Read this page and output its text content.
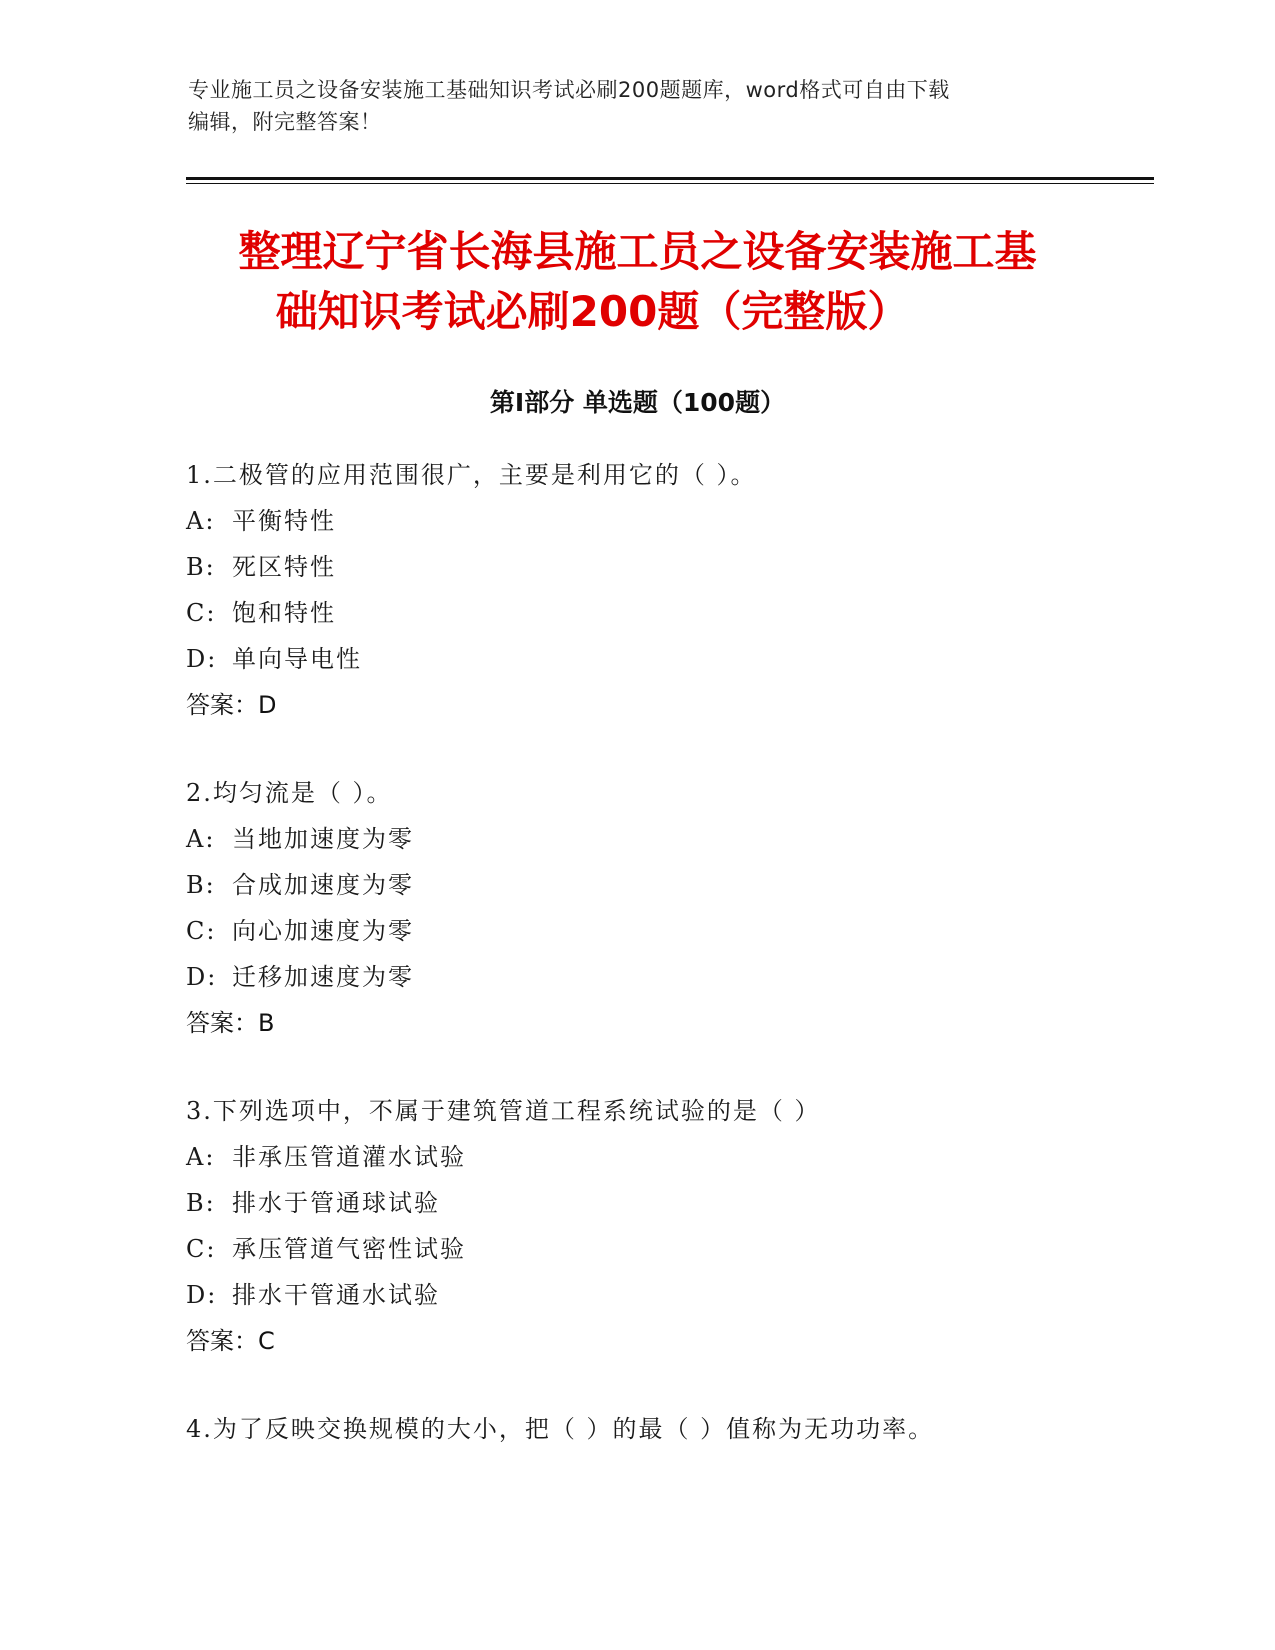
专业施工员之设备安装施工基础知识考试必刷200题题库，word格式可自由下载
编辑，附完整答案！
整理辽宁省长海县施工员之设备安装施工基
础知识考试必刷200题（完整版）
第Ⅰ部分 单选题（100题）
1.二极管的应用范围很广，主要是利用它的（ ）。
A: 平衡特性
B: 死区特性
C: 饱和特性
D: 单向导电性
答案：D
2.均匀流是（ ）。
A: 当地加速度为零
B: 合成加速度为零
C: 向心加速度为零
D: 迁移加速度为零
答案：B
3.下列选项中，不属于建筑管道工程系统试验的是（ ）
A: 非承压管道灌水试验
B: 排水于管通球试验
C: 承压管道气密性试验
D: 排水干管通水试验
答案：C
4.为了反映交换规模的大小，把（ ）的最（ ）值称为无功功率。
